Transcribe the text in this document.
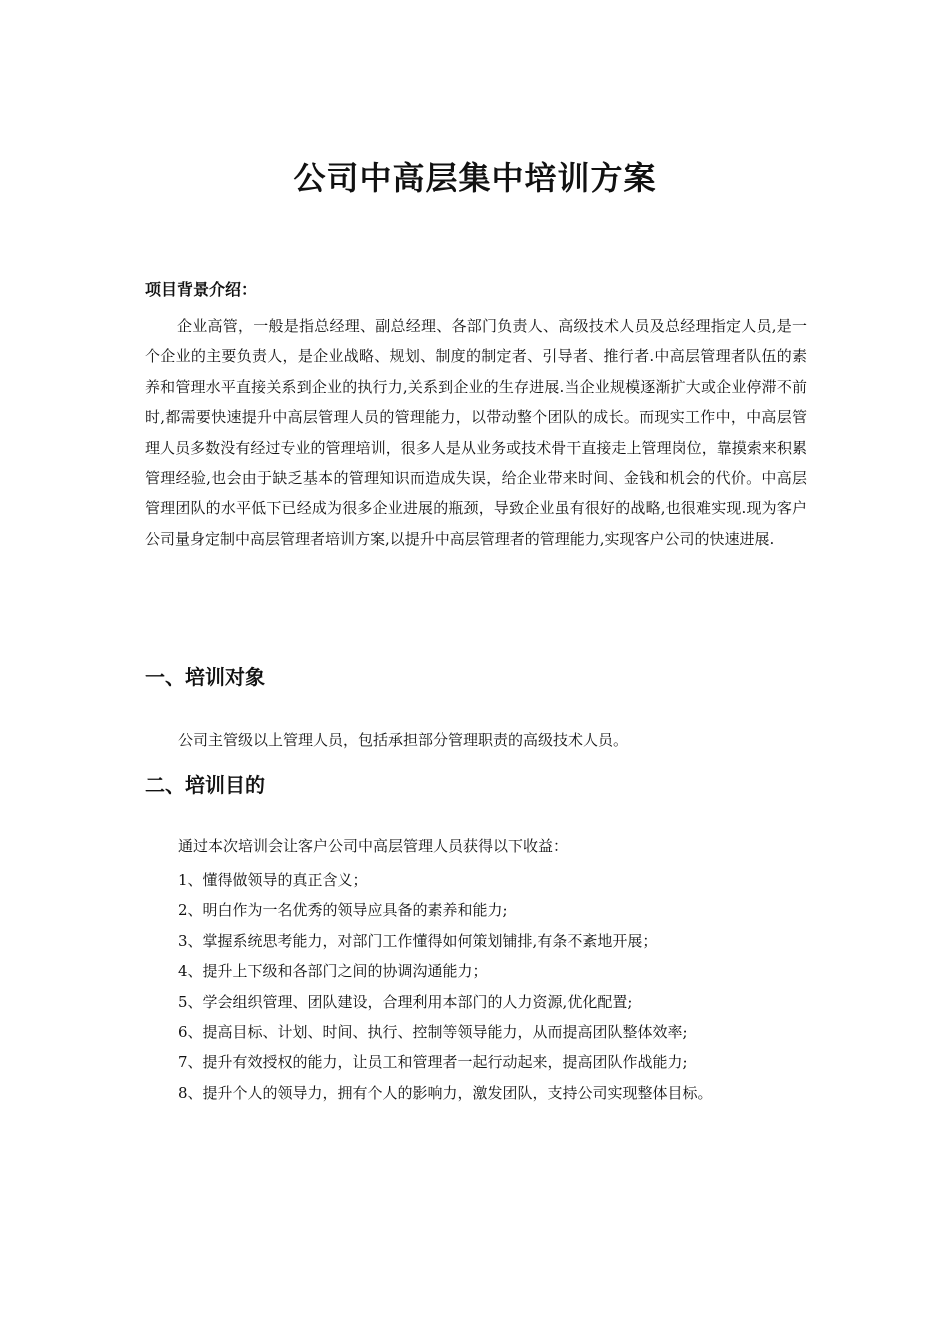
公司中高层集中培训方案
项目背景介绍：

企业高管，一般是指总经理、副总经理、各部门负责人、高级技术人员及总经理指定人员,是一个企业的主要负责人，是企业战略、规划、制度的制定者、引导者、推行者.中高层管理者队伍的素养和管理水平直接关系到企业的执行力,关系到企业的生存进展.当企业规模逐渐扩大或企业停滞不前时,都需要快速提升中高层管理人员的管理能力，以带动整个团队的成长。而现实工作中，中高层管理人员多数没有经过专业的管理培训，很多人是从业务或技术骨干直接走上管理岗位，靠摸索来积累管理经验,也会由于缺乏基本的管理知识而造成失误，给企业带来时间、金钱和机会的代价。中高层管理团队的水平低下已经成为很多企业进展的瓶颈，导致企业虽有很好的战略,也很难实现.现为客户公司量身定制中高层管理者培训方案,以提升中高层管理者的管理能力,实现客户公司的快速进展.

一、培训对象
公司主管级以上管理人员，包括承担部分管理职责的高级技术人员。
二、培训目的
通过本次培训会让客户公司中高层管理人员获得以下收益：
1、懂得做领导的真正含义；
2、明白作为一名优秀的领导应具备的素养和能力;
3、掌握系统思考能力，对部门工作懂得如何策划铺排,有条不紊地开展；
4、提升上下级和各部门之间的协调沟通能力；
5、学会组织管理、团队建设，合理利用本部门的人力资源,优化配置;
6、提高目标、计划、时间、执行、控制等领导能力，从而提高团队整体效率;
7、提升有效授权的能力，让员工和管理者一起行动起来，提高团队作战能力;
8、提升个人的领导力，拥有个人的影响力，激发团队，支持公司实现整体目标。
